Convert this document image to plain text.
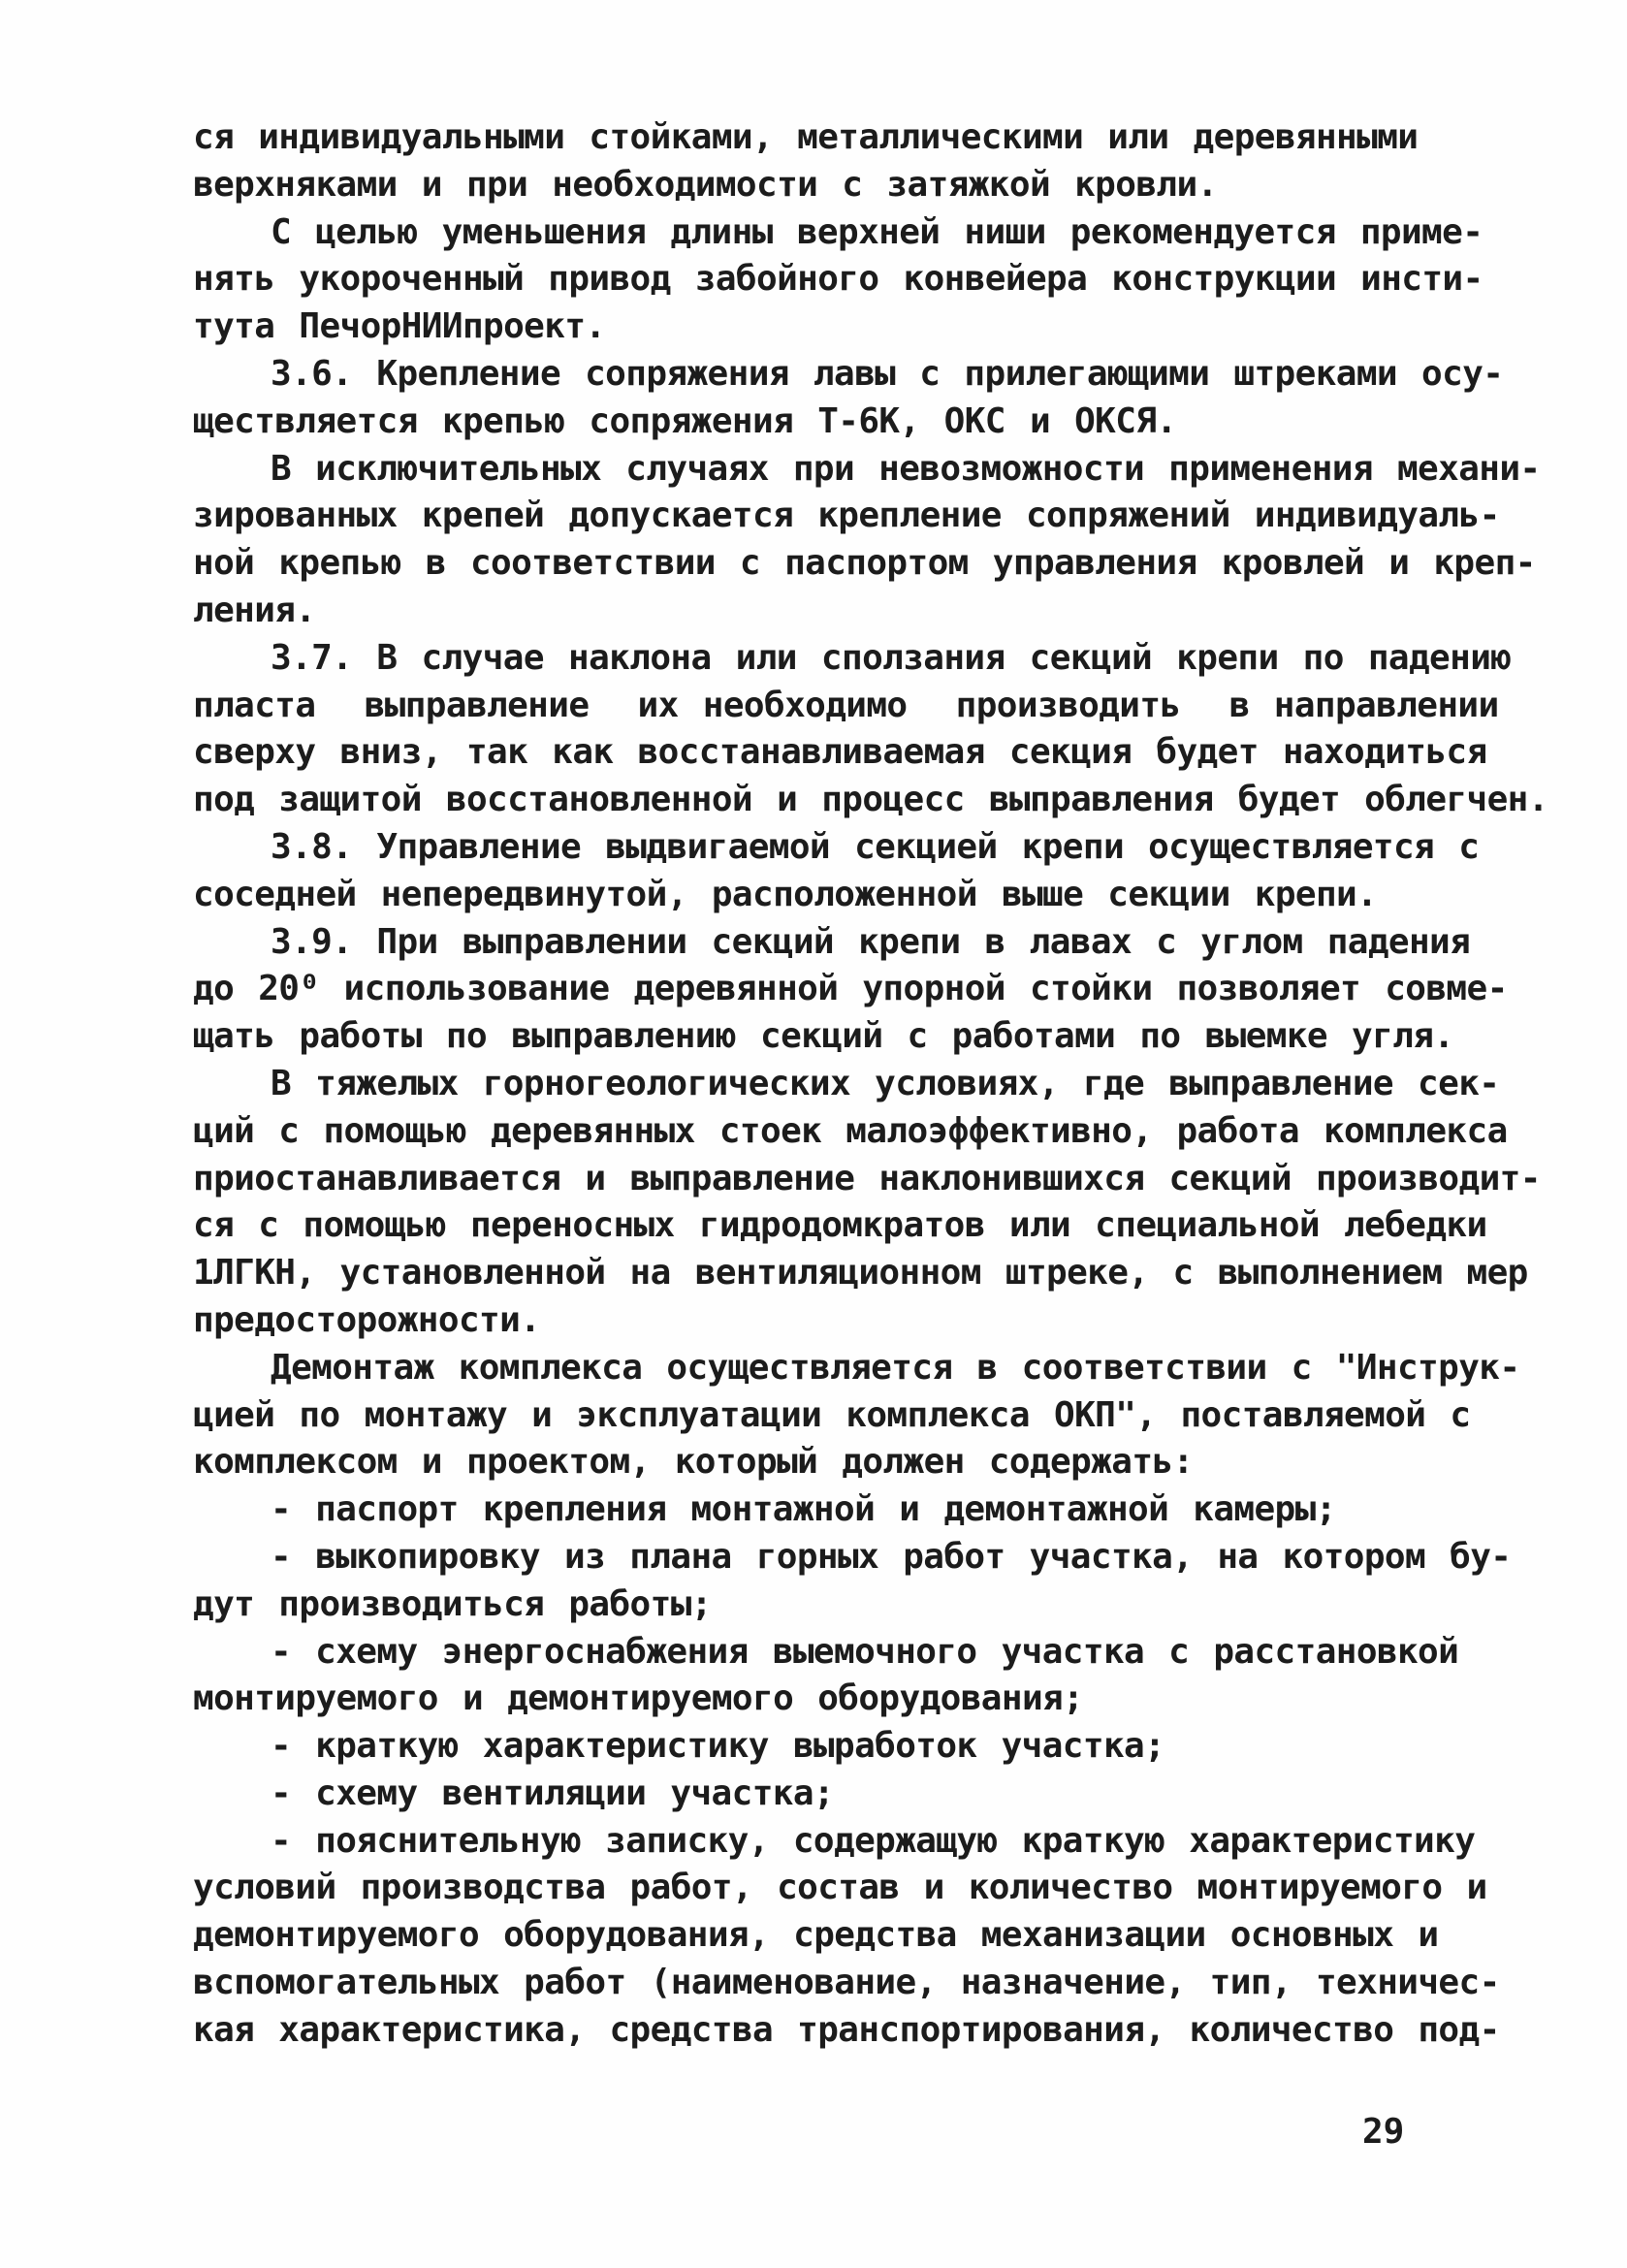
ся индивидуальными стойками, металлическими или деревянными
верхняками и при необходимости с затяжкой кровли.
С целью уменьшения длины верхней ниши рекомендуется приме-
нять укороченный привод забойного конвейера конструкции инсти-
тута ПечорНИИпроект.
3.6. Крепление сопряжения лавы с прилегающими штреками осу-
ществляется крепью сопряжения Т-6К, ОКС и ОКСЯ.
В исключительных случаях при невозможности применения механи-
зированных крепей допускается крепление сопряжений индивидуаль-
ной крепью в соответствии с паспортом управления кровлей и креп-
ления.
3.7. В случае наклона или сползания секций крепи по падению
пласта  выправление  их необходимо  производить  в направлении
сверху вниз, так как восстанавливаемая секция будет находиться
под защитой восстановленной и процесс выправления будет облегчен.
3.8. Управление выдвигаемой секцией крепи осуществляется с
соседней непередвинутой, расположенной выше секции крепи.
3.9. При выправлении секций крепи в лавах с углом падения
до 20⁰ использование деревянной упорной стойки позволяет совме-
щать работы по выправлению секций с работами по выемке угля.
В тяжелых горногеологических условиях, где выправление сек-
ций с помощью деревянных стоек малоэффективно, работа комплекса
приостанавливается и выправление наклонившихся секций производит-
ся с помощью переносных гидродомкратов или специальной лебедки
1ЛГКН, установленной на вентиляционном штреке, с выполнением мер
предосторожности.
Демонтаж комплекса осуществляется в соответствии с "Инструк-
цией по монтажу и эксплуатации комплекса ОКП", поставляемой с
комплексом и проектом, который должен содержать:
- паспорт крепления монтажной и демонтажной камеры;
- выкопировку из плана горных работ участка, на котором бу-
дут производиться работы;
- схему энергоснабжения выемочного участка с расстановкой
монтируемого и демонтируемого оборудования;
- краткую характеристику выработок участка;
- схему вентиляции участка;
- пояснительную записку, содержащую краткую характеристику
условий производства работ, состав и количество монтируемого и
демонтируемого оборудования, средства механизации основных и
вспомогательных работ (наименование, назначение, тип, техничес-
кая характеристика, средства транспортирования, количество под-
29
